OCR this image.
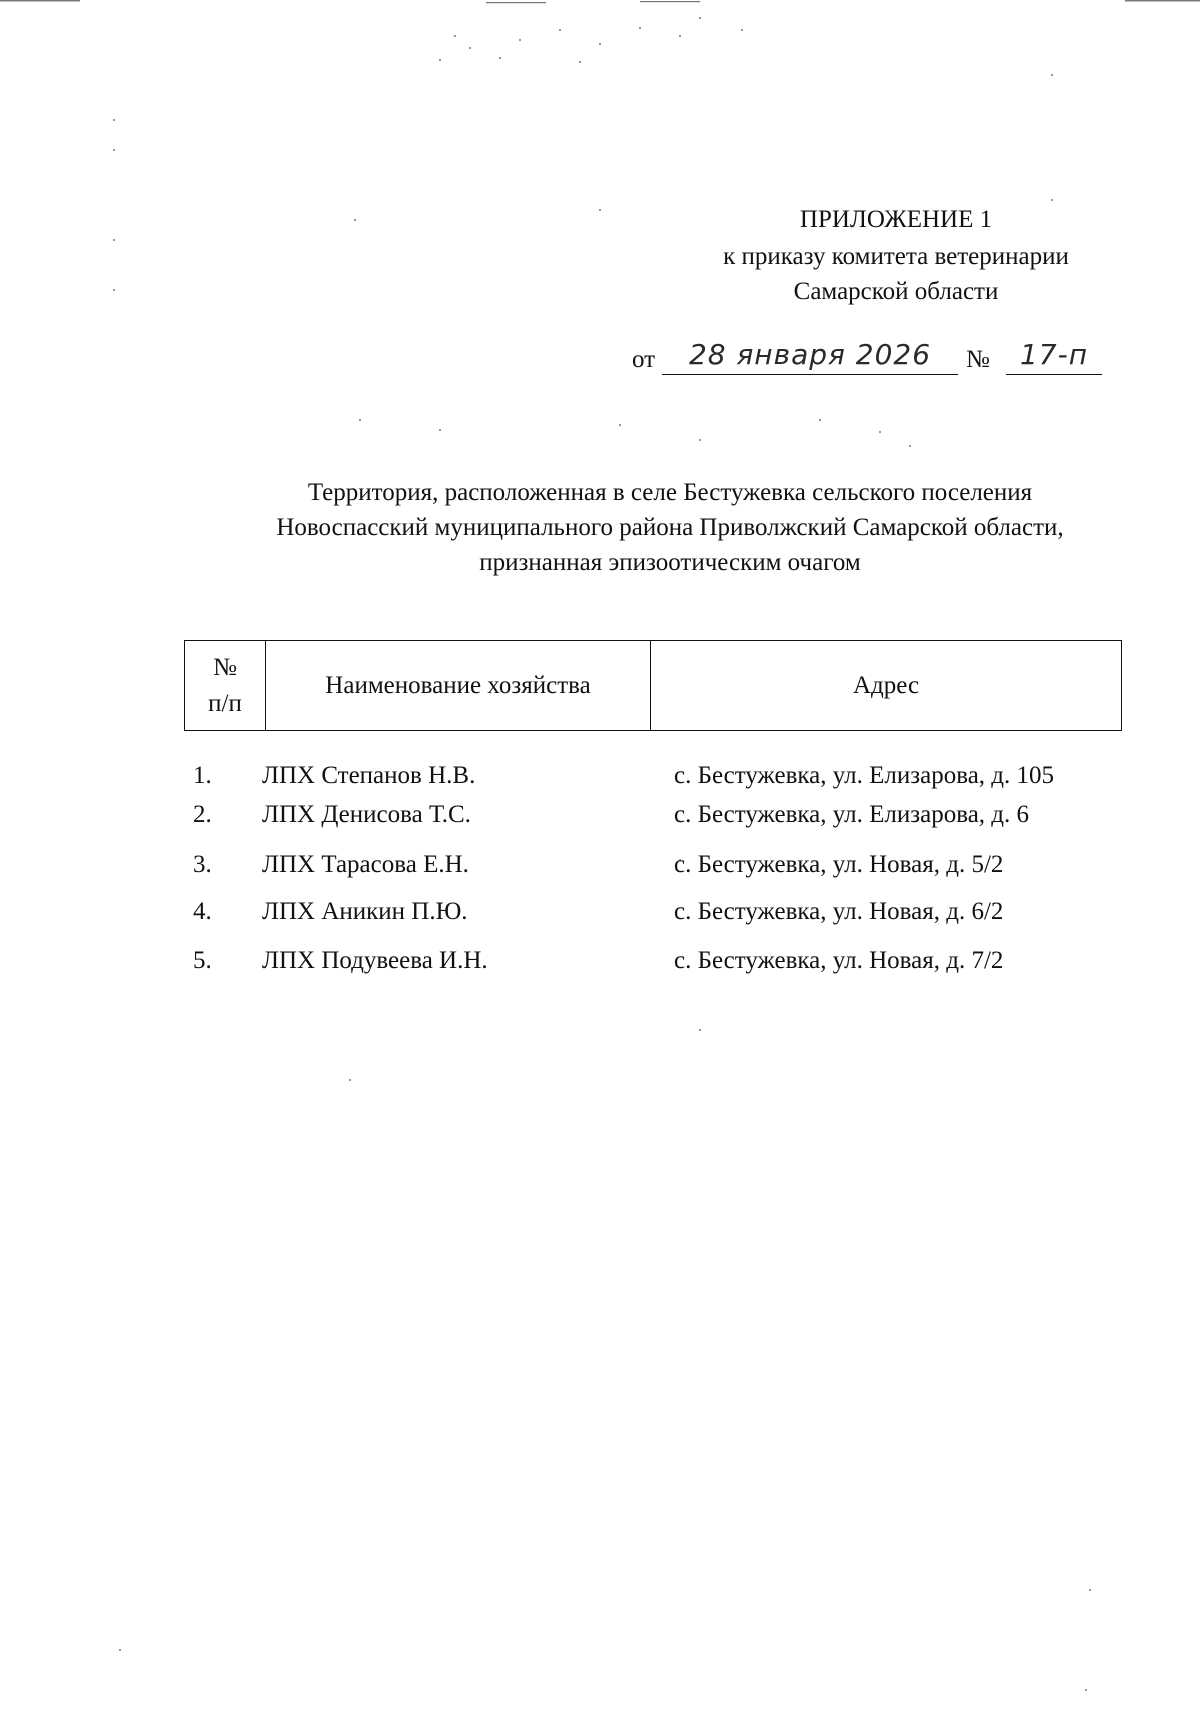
ПРИЛОЖЕНИЕ 1
к приказу комитета ветеринарии
Самарской области
от	28 января 2026	№	17-п
Территория, расположенная в селе Бестужевка сельского поселения
Новоспасский муниципального района Приволжский Самарской области,
признанная эпизоотическим очагом
№
п/п
	Наименование хозяйства	Адрес
1. ЛПХ Степанов Н.В.	с. Бестужевка, ул. Елизарова, д. 105
2. ЛПХ Денисова Т.С.	с. Бестужевка, ул. Елизарова, д. 6
3. ЛПХ Тарасова Е.Н.	с. Бестужевка, ул. Новая, д. 5/2
4. ЛПХ Аникин П.Ю.	с. Бестужевка, ул. Новая, д. 6/2
5. ЛПХ Подувеева И.Н.	с. Бестужевка, ул. Новая, д. 7/2
